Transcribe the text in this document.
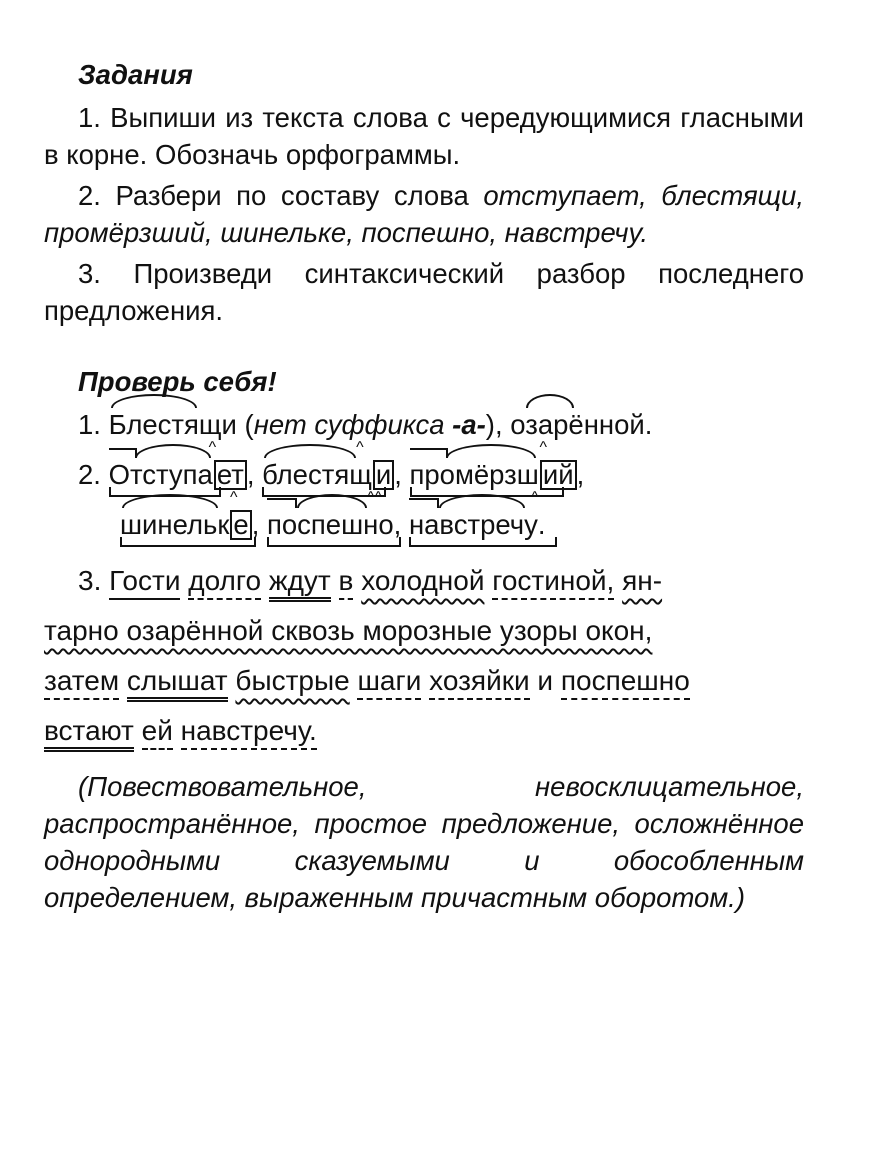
Задания

1. Выпиши из текста слова с чередующимися гласными в корне. Обозначь орфограммы.

2. Разбери по составу слова отступает, блестящи, промёрзший, шинельке, поспешно, навстречу.

3. Произведи синтаксический разбор последнего предложения.

Проверь себя!
1. Блестящи (нет суффикса -а-), озарённой.
2. Отступа ет
^
, блестящ и
^
, промёрзш ий
^
,
шинельк е
^
, поспешно
^^
, навстречу
^
.
3. Гости долго ждут в холодной гостиной, ян-
тарно озарённой сквозь морозные узоры окон,
затем слышат быстрые шаги хозяйки и поспешно
встают ей навстречу.
(Повествовательное, невосклицательное, распространённое, простое предложение, осложнённое однородными сказуемыми и обособленным определением, выраженным причастным оборотом.)
